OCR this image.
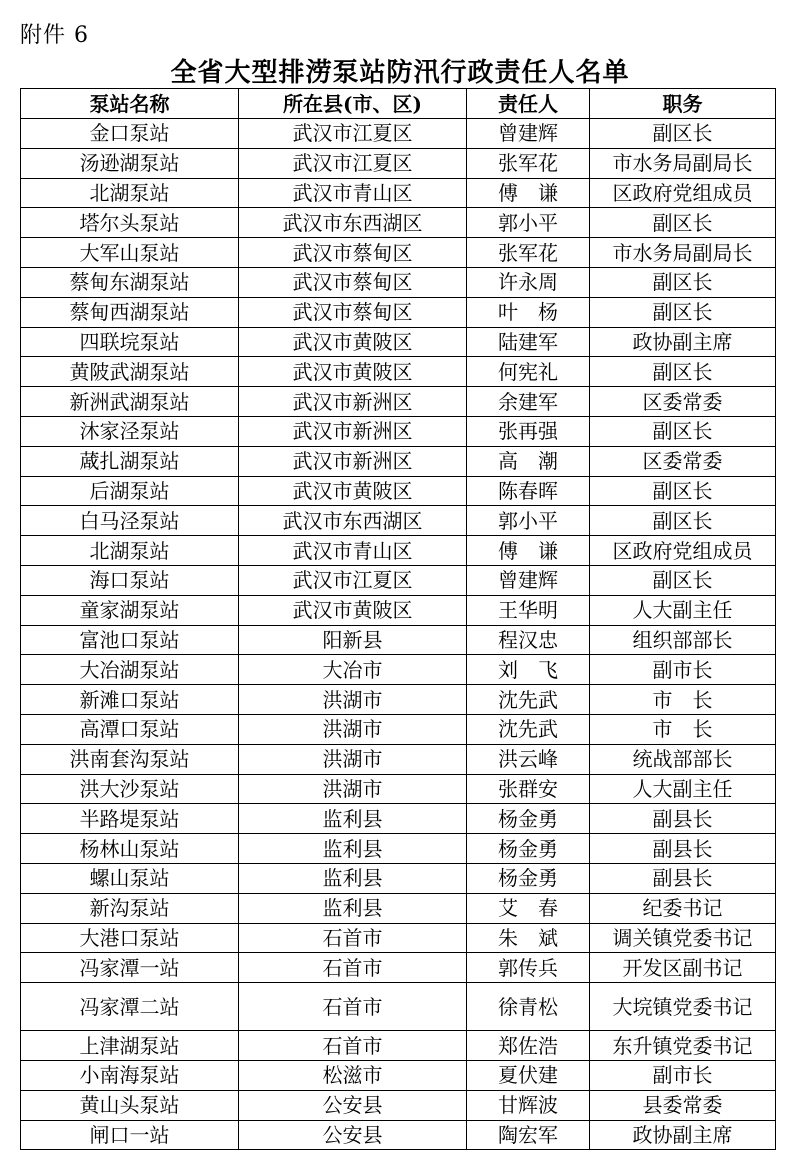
附件 6
全省大型排涝泵站防汛行政责任人名单
泵站名称	所在县(市、区)	责任人	职务
金口泵站	武汉市江夏区	曾建辉	副区长
汤逊湖泵站	武汉市江夏区	张军花	市水务局副局长
北湖泵站	武汉市青山区	傅　谦	区政府党组成员
塔尔头泵站	武汉市东西湖区	郭小平	副区长
大军山泵站	武汉市蔡甸区	张军花	市水务局副局长
蔡甸东湖泵站	武汉市蔡甸区	许永周	副区长
蔡甸西湖泵站	武汉市蔡甸区	叶　杨	副区长
四联垸泵站	武汉市黄陂区	陆建军	政协副主席
黄陂武湖泵站	武汉市黄陂区	何宪礼	副区长
新洲武湖泵站	武汉市新洲区	余建军	区委常委
沐家泾泵站	武汉市新洲区	张再强	副区长
蒧扎湖泵站	武汉市新洲区	高　潮	区委常委
后湖泵站	武汉市黄陂区	陈春晖	副区长
白马泾泵站	武汉市东西湖区	郭小平	副区长
北湖泵站	武汉市青山区	傅　谦	区政府党组成员
海口泵站	武汉市江夏区	曾建辉	副区长
童家湖泵站	武汉市黄陂区	王华明	人大副主任
富池口泵站	阳新县	程汉忠	组织部部长
大冶湖泵站	大冶市	刘　飞	副市长
新滩口泵站	洪湖市	沈先武	市　长
高潭口泵站	洪湖市	沈先武	市　长
洪南套沟泵站	洪湖市	洪云峰	统战部部长
洪大沙泵站	洪湖市	张群安	人大副主任
半路堤泵站	监利县	杨金勇	副县长
杨林山泵站	监利县	杨金勇	副县长
螺山泵站	监利县	杨金勇	副县长
新沟泵站	监利县	艾　春	纪委书记
大港口泵站	石首市	朱　斌	调关镇党委书记
冯家潭一站	石首市	郭传兵	开发区副书记
冯家潭二站	石首市	徐青松	大垸镇党委书记
上津湖泵站	石首市	郑佐浩	东升镇党委书记
小南海泵站	松滋市	夏伏建	副市长
黄山头泵站	公安县	甘辉波	县委常委
闸口一站	公安县	陶宏军	政协副主席
